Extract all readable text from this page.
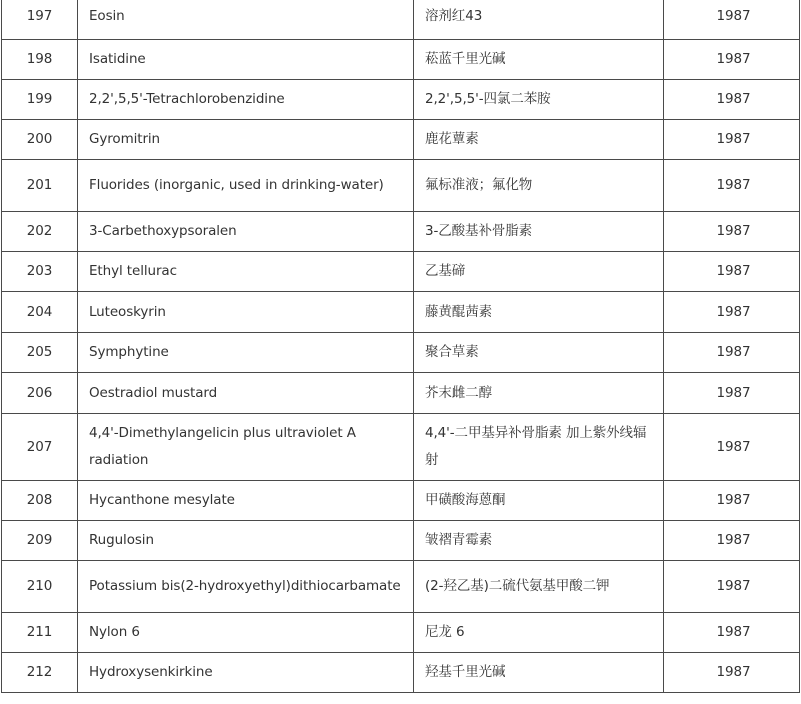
197	Eosin	溶剂红43	1987
198	Isatidine	菘蓝千里光碱	1987
199	2,2',5,5'-Tetrachlorobenzidine	2,2',5,5'-四氯二苯胺	1987
200	Gyromitrin	鹿花蕈素	1987
201	Fluorides (inorganic, used in drinking-water)	氟标准液；氟化物	1987
202	3-Carbethoxypsoralen	3-乙酸基补骨脂素	1987
203	Ethyl tellurac	乙基碲	1987
204	Luteoskyrin	藤黄醌茜素	1987
205	Symphytine	聚合草素	1987
206	Oestradiol mustard	芥末雌二醇	1987
207	4,4'-Dimethylangelicin plus ultraviolet A radiation	4,4'-二甲基异补骨脂素 加上紫外线辐射	1987
208	Hycanthone mesylate	甲磺酸海蒽酮	1987
209	Rugulosin	皱褶青霉素	1987
210	Potassium bis(2-hydroxyethyl)dithiocarbamate	(2-羟乙基)二硫代氨基甲酸二钾	1987
211	Nylon 6	尼龙 6	1987
212	Hydroxysenkirkine	羟基千里光碱	1987
